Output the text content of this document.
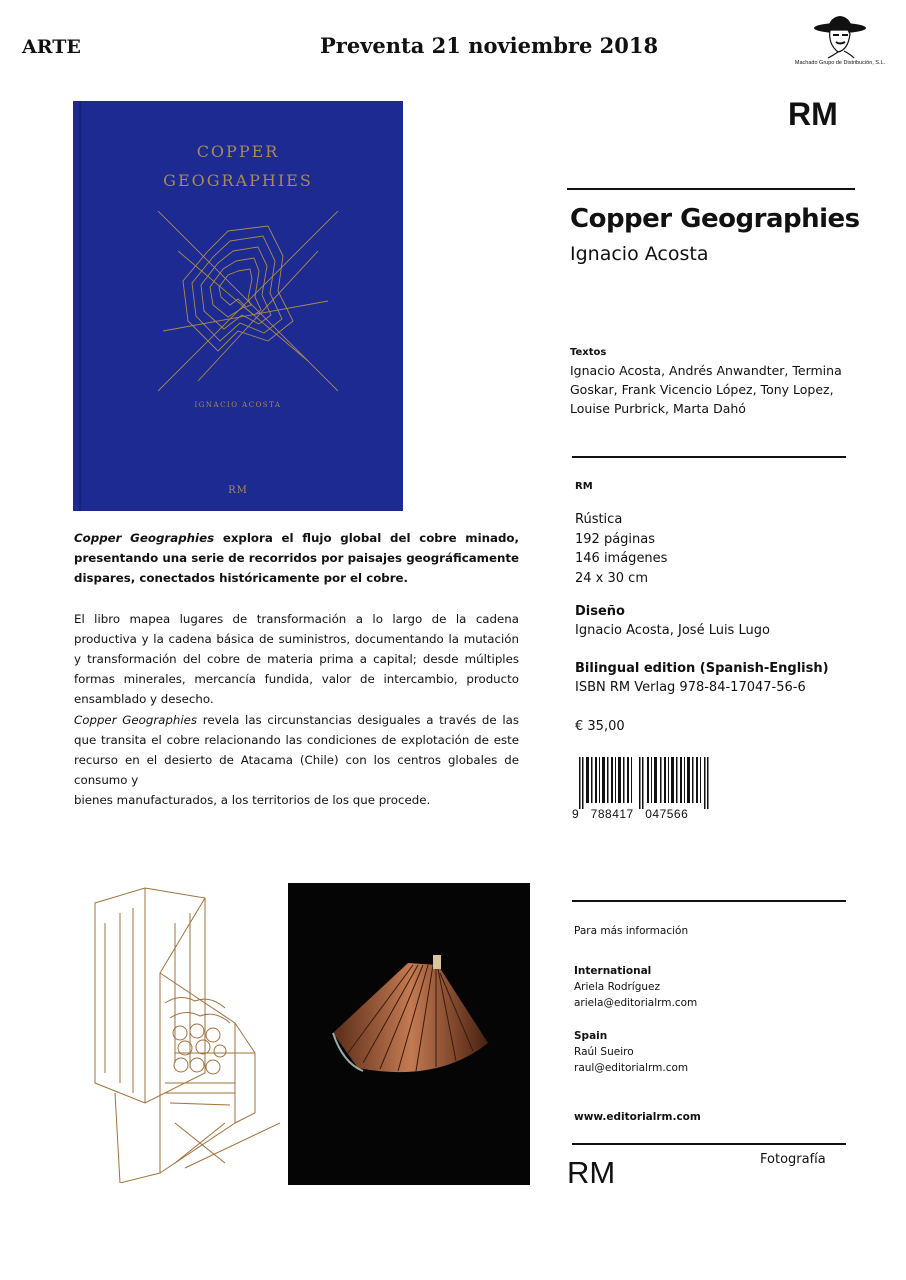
ARTE	Preventa 21 noviembre 2018
Machado Grupo de Distribución, S.L.
RM
COPPER
GEOGRAPHIES
IGNACIO ACOSTA
RM
Copper Geographies
Ignacio Acosta
Textos
Ignacio Acosta, Andrés Anwandter, Termina
Goskar, Frank Vicencio López, Tony Lopez,
Louise Purbrick, Marta Dahó
RM
Rústica
192 páginas
146 imágenes
24 x 30 cm
Diseño
Ignacio Acosta, José Luis Lugo
Bilingual edition (Spanish-English)
ISBN RM Verlag 978-84-17047-56-6
€ 35,00
9   788417   047566
Copper Geographies explora el flujo global del cobre minado, presentando una serie de recorridos por paisajes geográficamente dispares, conectados históricamente por el cobre.
El libro mapea lugares de transformación a lo largo de la cadena productiva y la cadena básica de suministros, documentando la mutación y transformación del cobre de materia prima a capital; desde múltiples formas minerales, mercancía fundida, valor de intercambio, producto ensamblado y desecho.
Copper Geographies revela las circunstancias desiguales a través de las que transita el cobre relacionando las condiciones de explotación de este recurso en el desierto de Atacama (Chile) con los centros globales de consumo y
bienes manufacturados, a los territorios de los que procede.
Para más información
International
Ariela Rodríguez
ariela@editorialrm.com
Spain
Raúl Sueiro
raul@editorialrm.com
www.editorialrm.com
RM	Fotografía
